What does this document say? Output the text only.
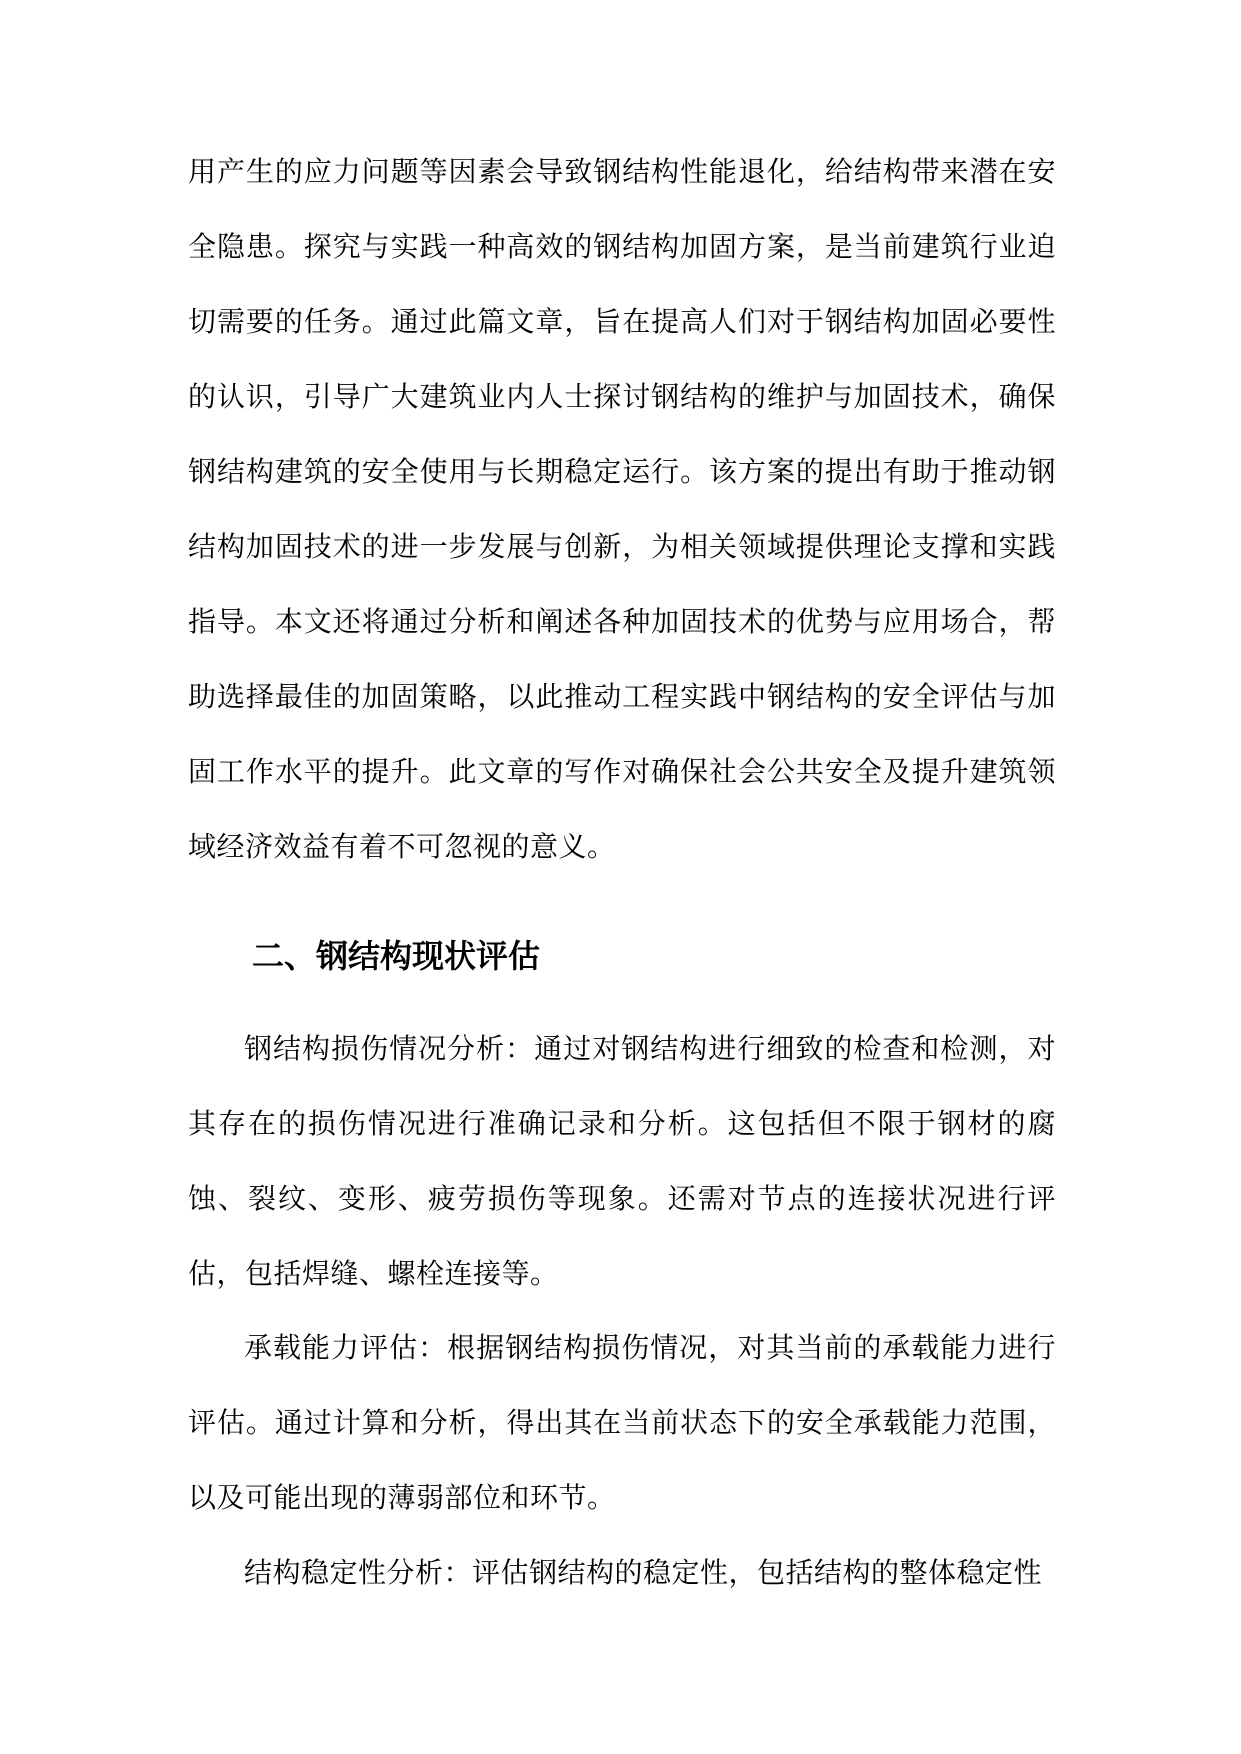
用产生的应力问题等因素会导致钢结构性能退化，给结构带来潜在安全隐患。探究与实践一种高效的钢结构加固方案，是当前建筑行业迫切需要的任务。通过此篇文章，旨在提高人们对于钢结构加固必要性的认识，引导广大建筑业内人士探讨钢结构的维护与加固技术，确保钢结构建筑的安全使用与长期稳定运行。该方案的提出有助于推动钢结构加固技术的进一步发展与创新，为相关领域提供理论支撑和实践指导。本文还将通过分析和阐述各种加固技术的优势与应用场合，帮助选择最佳的加固策略，以此推动工程实践中钢结构的安全评估与加固工作水平的提升。此文章的写作对确保社会公共安全及提升建筑领域经济效益有着不可忽视的意义。

二、钢结构现状评估

钢结构损伤情况分析：通过对钢结构进行细致的检查和检测，对其存在的损伤情况进行准确记录和分析。这包括但不限于钢材的腐蚀、裂纹、变形、疲劳损伤等现象。还需对节点的连接状况进行评估，包括焊缝、螺栓连接等。

承载能力评估：根据钢结构损伤情况，对其当前的承载能力进行评估。通过计算和分析，得出其在当前状态下的安全承载能力范围，以及可能出现的薄弱部位和环节。

结构稳定性分析：评估钢结构的稳定性，包括结构的整体稳定性
